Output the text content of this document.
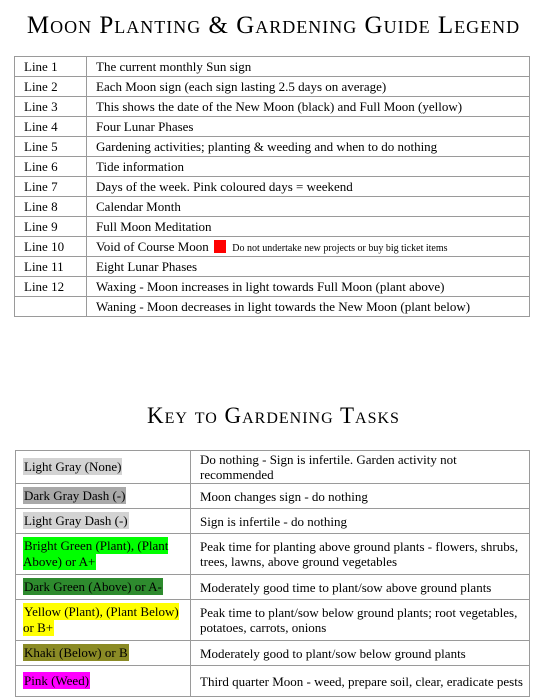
Moon Planting & Gardening Guide Legend
Line 1	The current monthly Sun sign
Line 2	Each Moon sign (each sign lasting 2.5 days on average)
Line 3	This shows the date of the New Moon (black) and Full Moon (yellow)
Line 4	Four Lunar Phases
Line 5	Gardening activities; planting & weeding and when to do nothing
Line 6	Tide information
Line 7	Days of the week. Pink coloured days = weekend
Line 8	Calendar Month
Line 9	Full Moon Meditation
Line 10	Void of Course Moon Do not undertake new projects or buy big ticket items
Line 11	Eight Lunar Phases
Line 12	Waxing - Moon increases in light towards Full Moon (plant above)
	Waning - Moon decreases in light towards the New Moon (plant below)
Key to Gardening Tasks
Light Gray (None)	Do nothing - Sign is infertile. Garden activity not recommended
Dark Gray Dash (-)	Moon changes sign - do nothing
Light Gray Dash (-)	Sign is infertile - do nothing
Bright Green (Plant), (Plant Above) or A+	Peak time for planting above ground plants - flowers, shrubs, trees, lawns, above ground vegetables
Dark Green (Above) or A-	Moderately good time to plant/sow above ground plants
Yellow (Plant), (Plant Below) or B+	Peak time to plant/sow below ground plants; root vegetables, potatoes, carrots, onions
Khaki (Below) or B	Moderately good to plant/sow below ground plants
Pink (Weed)	Third quarter Moon - weed, prepare soil, clear, eradicate pests
